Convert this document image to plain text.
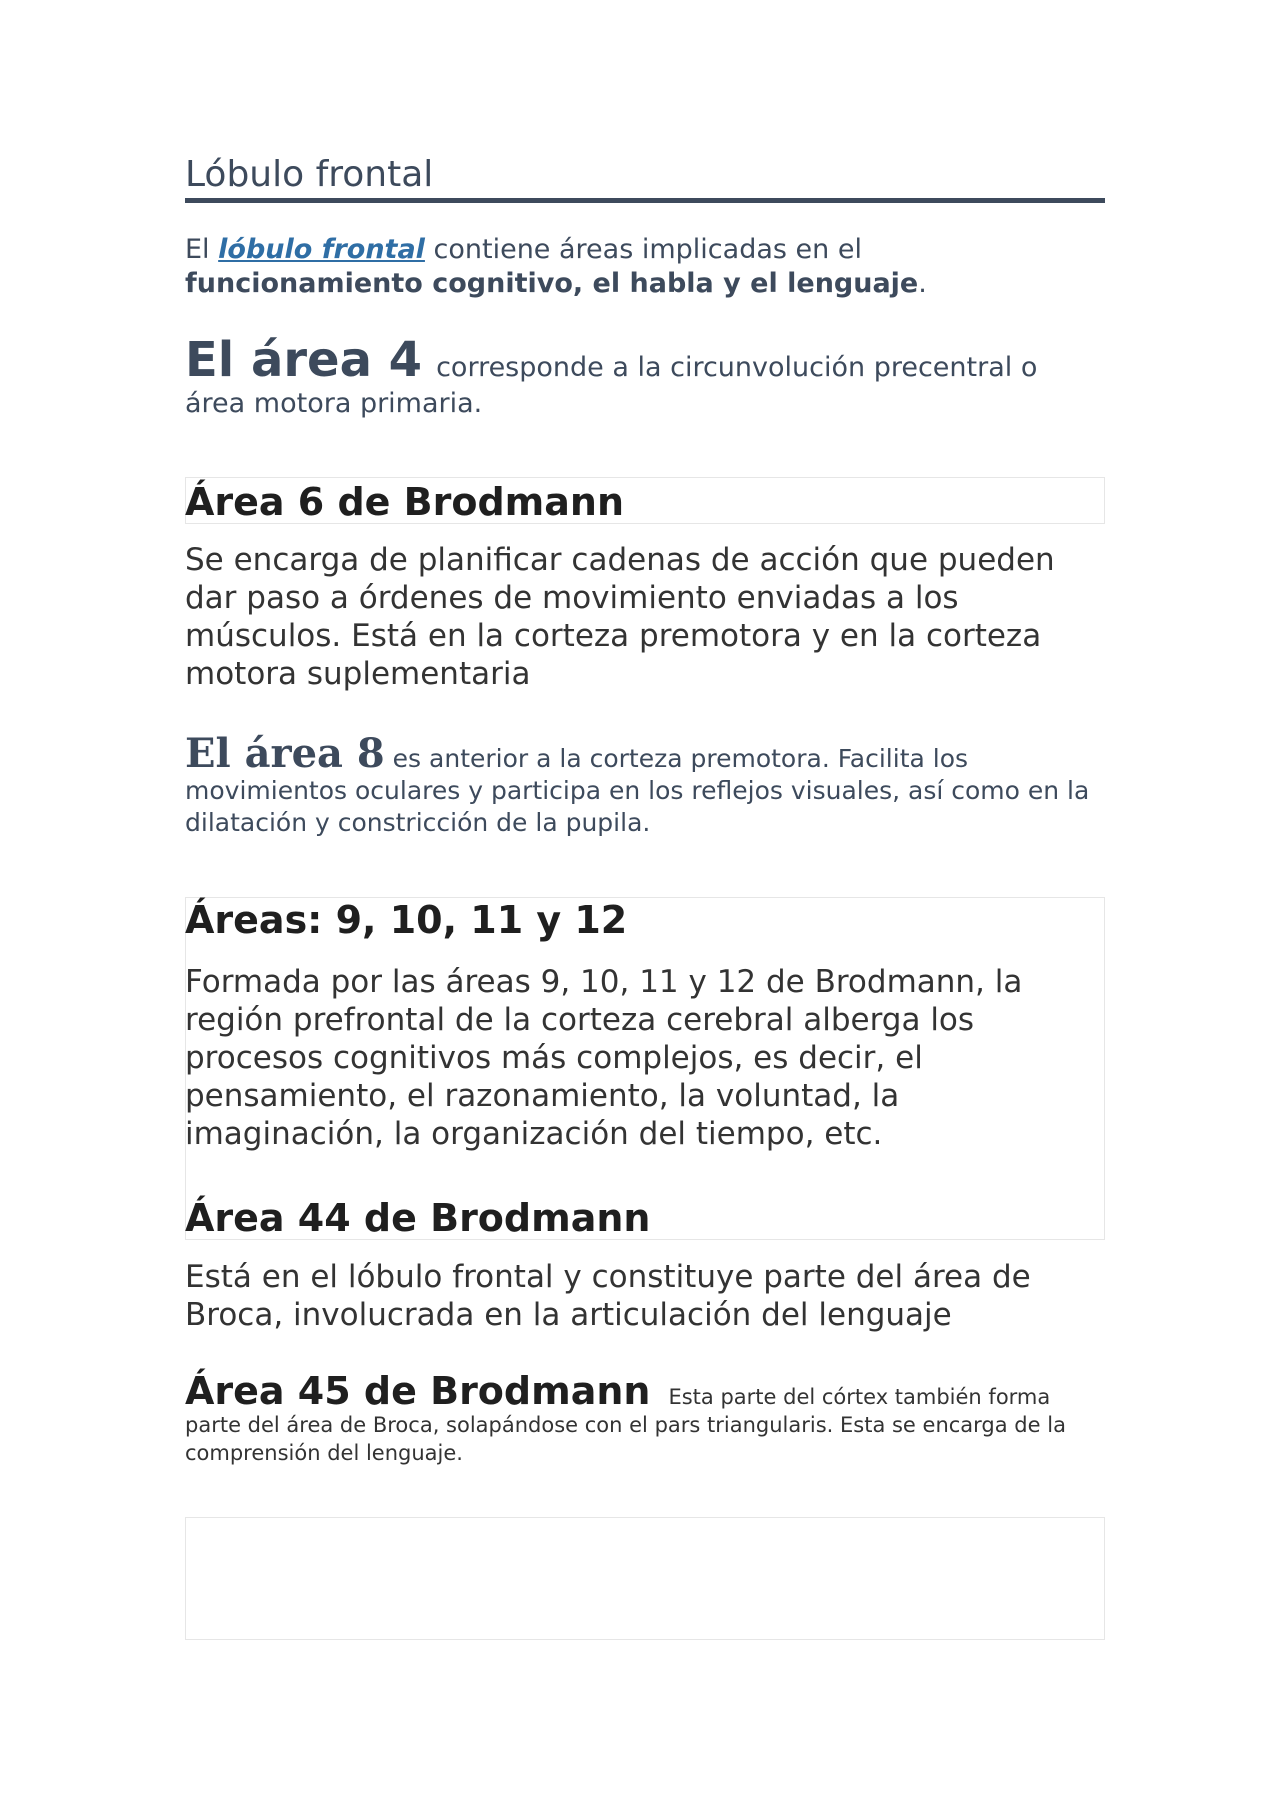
Lóbulo frontal
El lóbulo frontal contiene áreas implicadas en el funcionamiento cognitivo, el habla y el lenguaje.
El área 4 corresponde a la circunvolución precentral o área motora primaria.
Área 6 de Brodmann
Se encarga de planificar cadenas de acción que pueden dar paso a órdenes de movimiento enviadas a los músculos. Está en la corteza premotora y en la corteza motora suplementaria
El área 8 es anterior a la corteza premotora. Facilita los movimientos oculares y participa en los reflejos visuales, así como en la dilatación y constricción de la pupila.
Áreas: 9, 10, 11 y 12
Formada por las áreas 9, 10, 11 y 12 de Brodmann, la región prefrontal de la corteza cerebral alberga los procesos cognitivos más complejos, es decir, el pensamiento, el razonamiento, la voluntad, la imaginación, la organización del tiempo, etc.
Área 44 de Brodmann
Está en el lóbulo frontal y constituye parte del área de Broca, involucrada en la articulación del lenguaje
Área 45 de Brodmann Esta parte del córtex también forma parte del área de Broca, solapándose con el pars triangularis. Esta se encarga de la comprensión del lenguaje.
